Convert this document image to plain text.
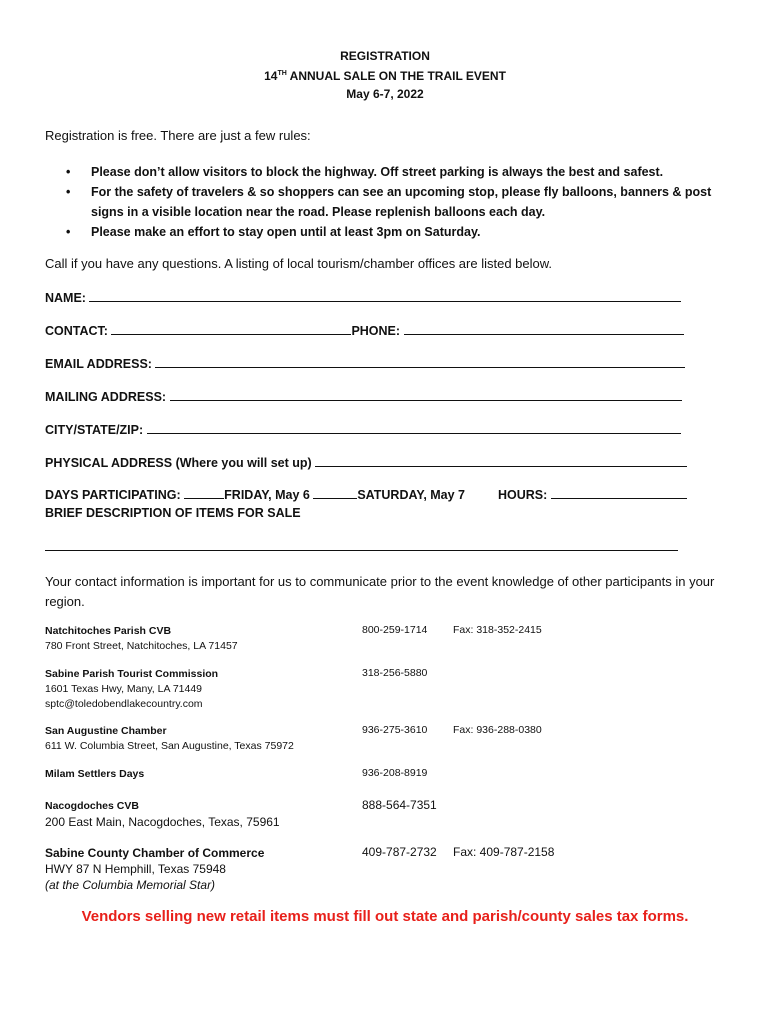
REGISTRATION
14TH ANNUAL SALE ON THE TRAIL EVENT
May 6-7, 2022
Registration is free. There are just a few rules:
• Please don’t allow visitors to block the highway. Off street parking is always the best and safest.
• For the safety of travelers & so shoppers can see an upcoming stop, please fly balloons, banners & post signs in a visible location near the road. Please replenish balloons each day.
• Please make an effort to stay open until at least 3pm on Saturday.
Call if you have any questions. A listing of local tourism/chamber offices are listed below.
NAME:
CONTACT:	PHONE:
EMAIL ADDRESS:
MAILING ADDRESS:
CITY/STATE/ZIP:
PHYSICAL ADDRESS (Where you will set up)
DAYS PARTICIPATING:	FRIDAY, May 6	SATURDAY, May 7	HOURS:
BRIEF DESCRIPTION OF ITEMS FOR SALE
Your contact information is important for us to communicate prior to the event knowledge of other participants in your region.
Natchitoches Parish CVB
780 Front Street, Natchitoches, LA 71457
800-259-1714 Fax: 318-352-2415
Sabine Parish Tourist Commission
1601 Texas Hwy, Many, LA 71449
sptc@toledobendlakecountry.com
318-256-5880
San Augustine Chamber
611 W. Columbia Street, San Augustine, Texas 75972
936-275-3610 Fax: 936-288-0380
Milam Settlers Days	936-208-8919
Nacogdoches CVB
200 East Main, Nacogdoches, Texas, 75961
888-564-7351
Sabine County Chamber of Commerce
HWY 87 N Hemphill, Texas 75948
(at the Columbia Memorial Star)
409-787-2732 Fax: 409-787-2158
Vendors selling new retail items must fill out state and parish/county sales tax forms.
